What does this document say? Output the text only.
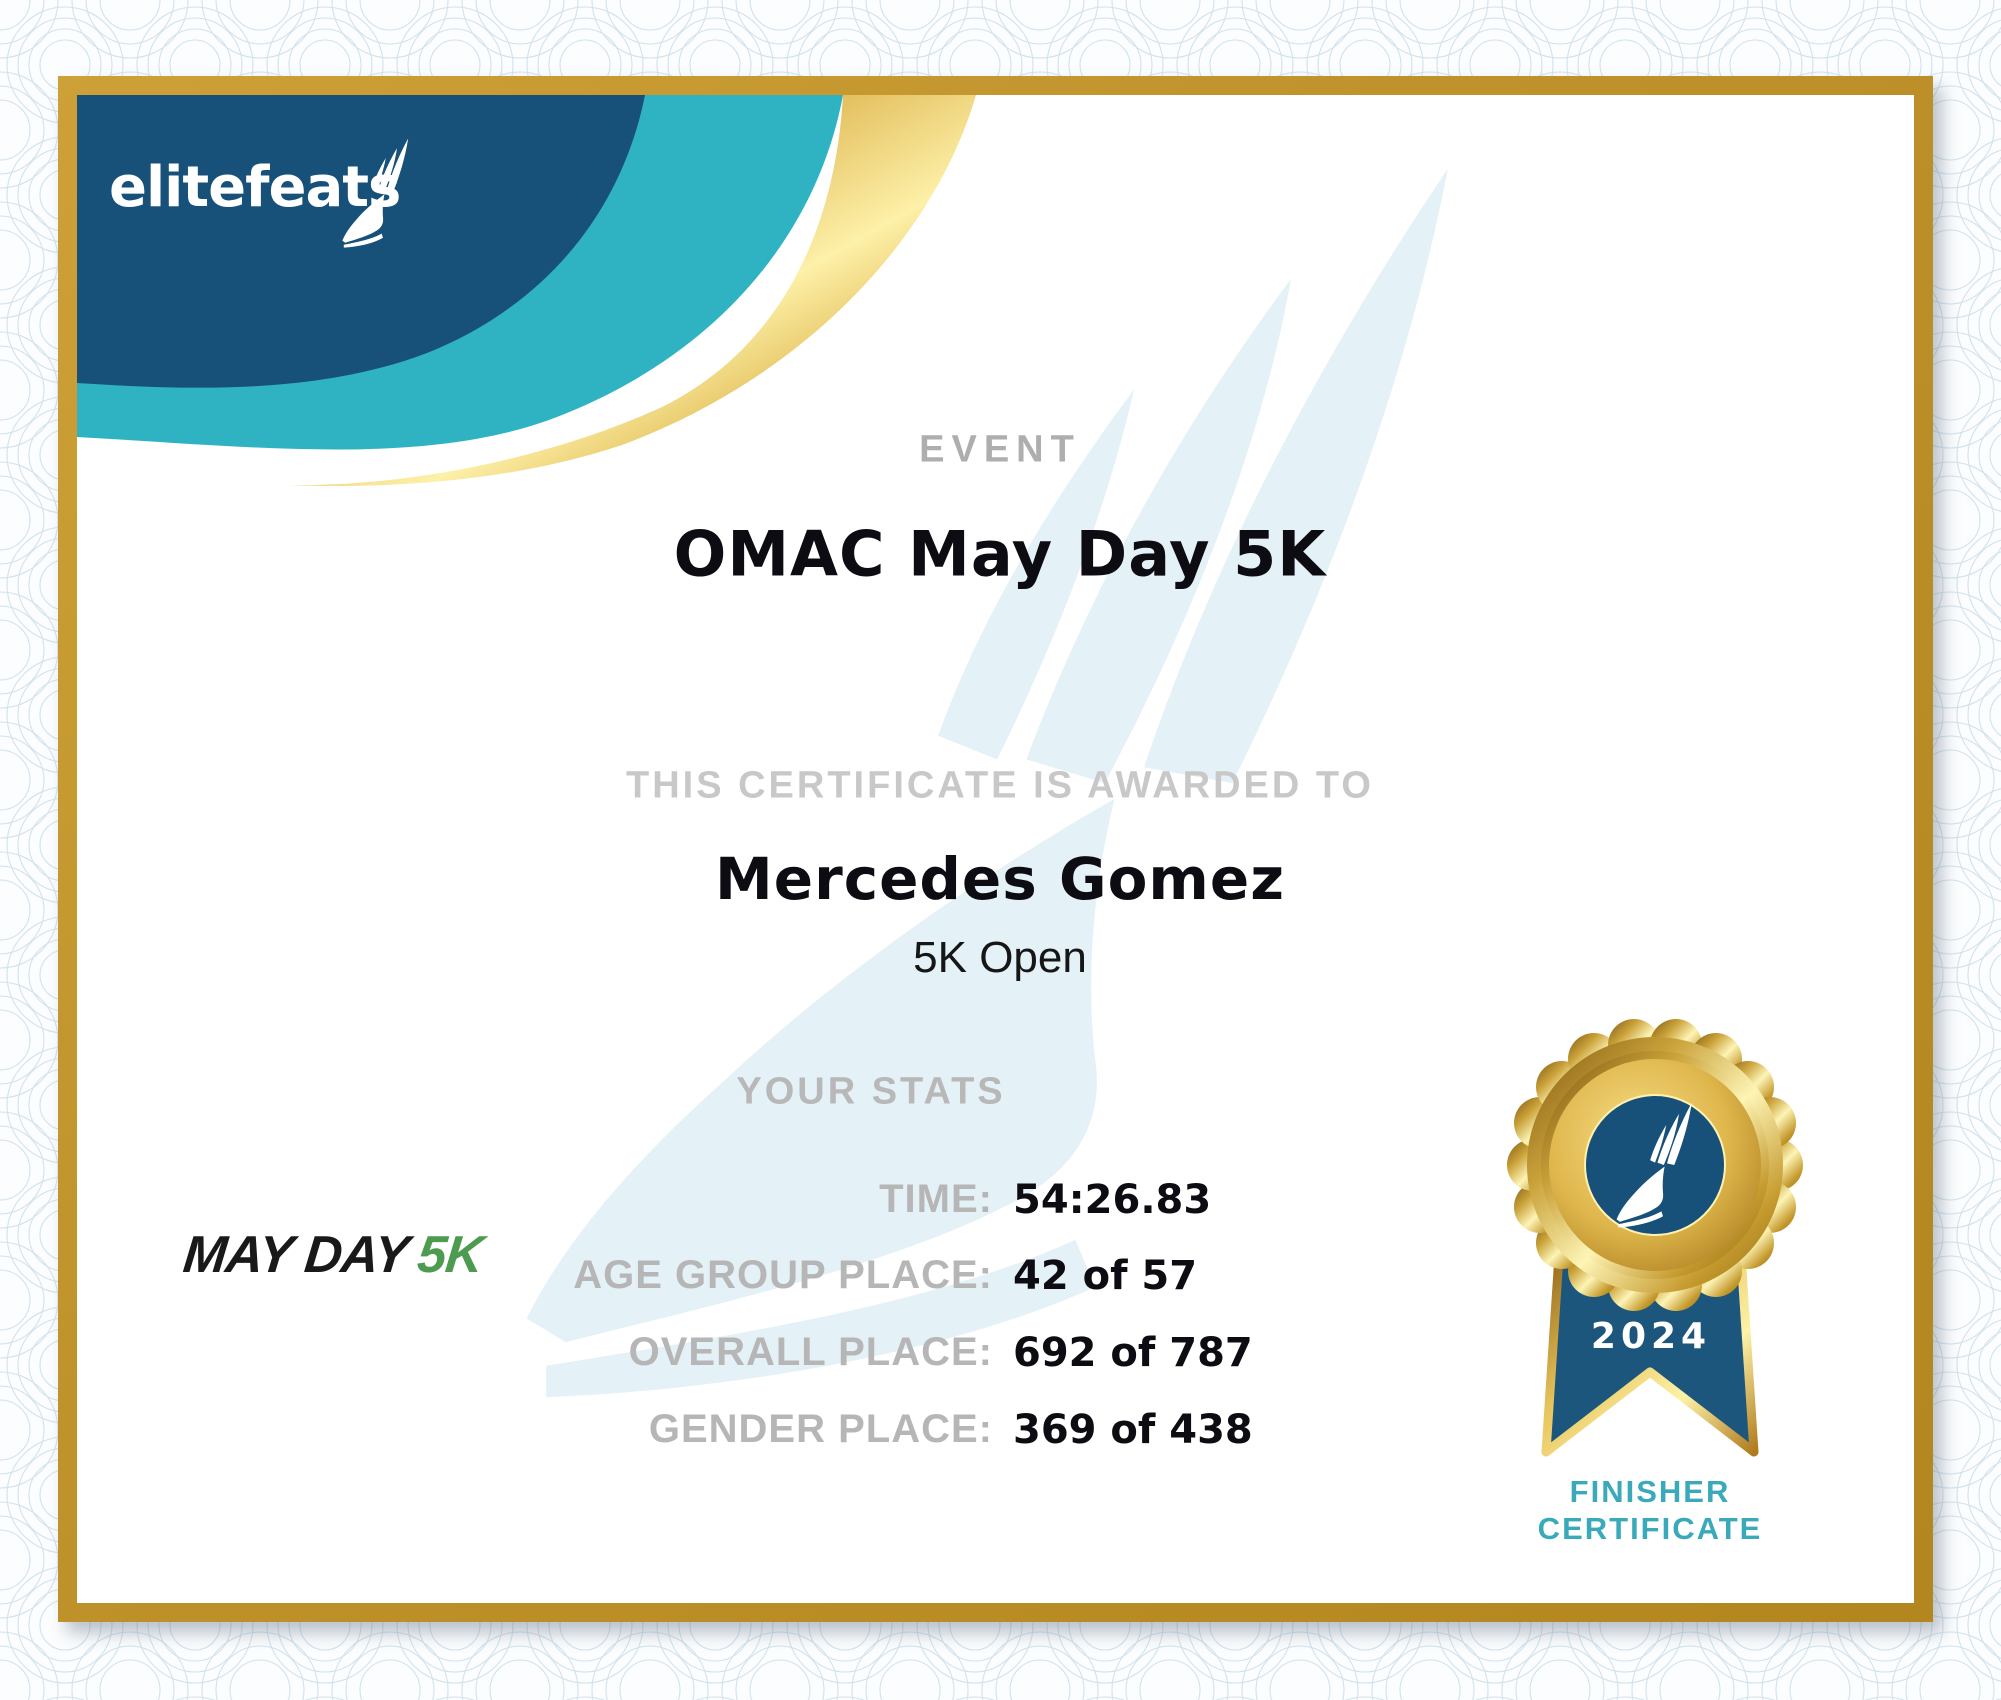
elitefeats
EVENT
OMAC May Day 5K
THIS CERTIFICATE IS AWARDED TO
Mercedes Gomez
5K Open
YOUR STATS
TIME: 54:26.83
AGE GROUP PLACE: 42 of 57
OVERALL PLACE: 692 of 787
GENDER PLACE: 369 of 438
MAY DAY5K
2024
FINISHER
CERTIFICATE
